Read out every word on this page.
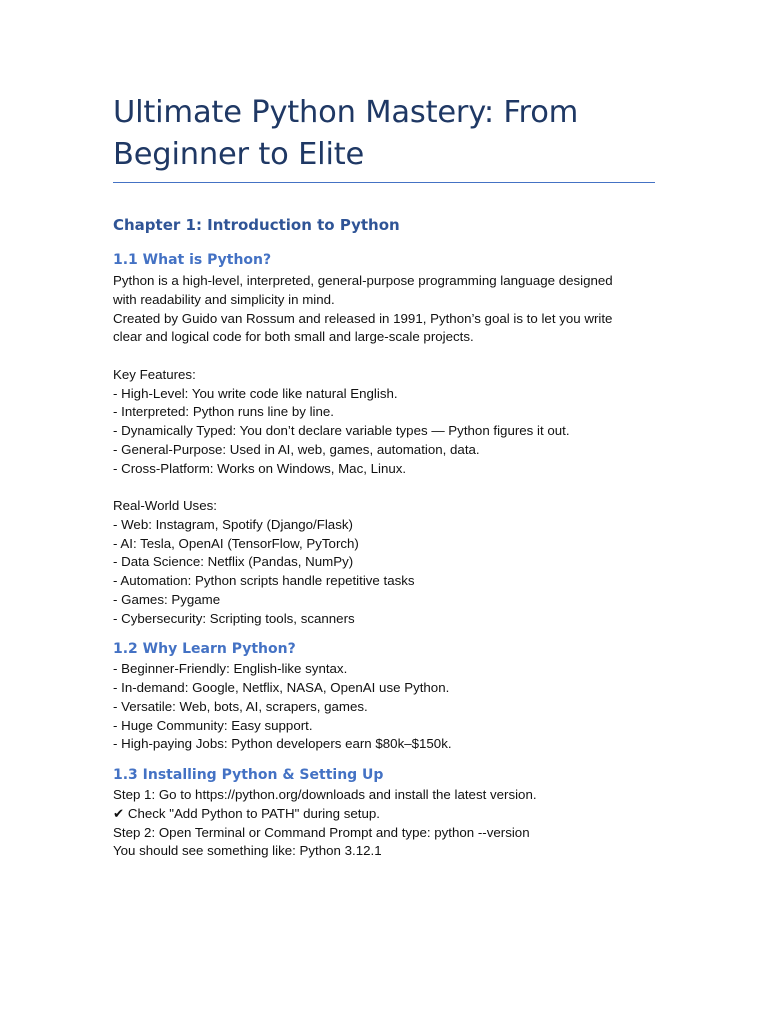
Ultimate Python Mastery: From
Beginner to Elite
Chapter 1: Introduction to Python
1.1 What is Python?

Python is a high-level, interpreted, general-purpose programming language designed

with readability and simplicity in mind.

Created by Guido van Rossum and released in 1991, Python’s goal is to let you write

clear and logical code for both small and large-scale projects.

Key Features:

- High-Level: You write code like natural English.

- Interpreted: Python runs line by line.

- Dynamically Typed: You don’t declare variable types — Python figures it out.

- General-Purpose: Used in AI, web, games, automation, data.

- Cross-Platform: Works on Windows, Mac, Linux.

Real-World Uses:

- Web: Instagram, Spotify (Django/Flask)

- AI: Tesla, OpenAI (TensorFlow, PyTorch)

- Data Science: Netflix (Pandas, NumPy)

- Automation: Python scripts handle repetitive tasks

- Games: Pygame

- Cybersecurity: Scripting tools, scanners

1.2 Why Learn Python?

- Beginner-Friendly: English-like syntax.

- In-demand: Google, Netflix, NASA, OpenAI use Python.

- Versatile: Web, bots, AI, scrapers, games.

- Huge Community: Easy support.

- High-paying Jobs: Python developers earn $80k–$150k.

1.3 Installing Python & Setting Up

Step 1: Go to https://python.org/downloads and install the latest version.

✔ Check "Add Python to PATH" during setup.

Step 2: Open Terminal or Command Prompt and type: python --version

You should see something like: Python 3.12.1
